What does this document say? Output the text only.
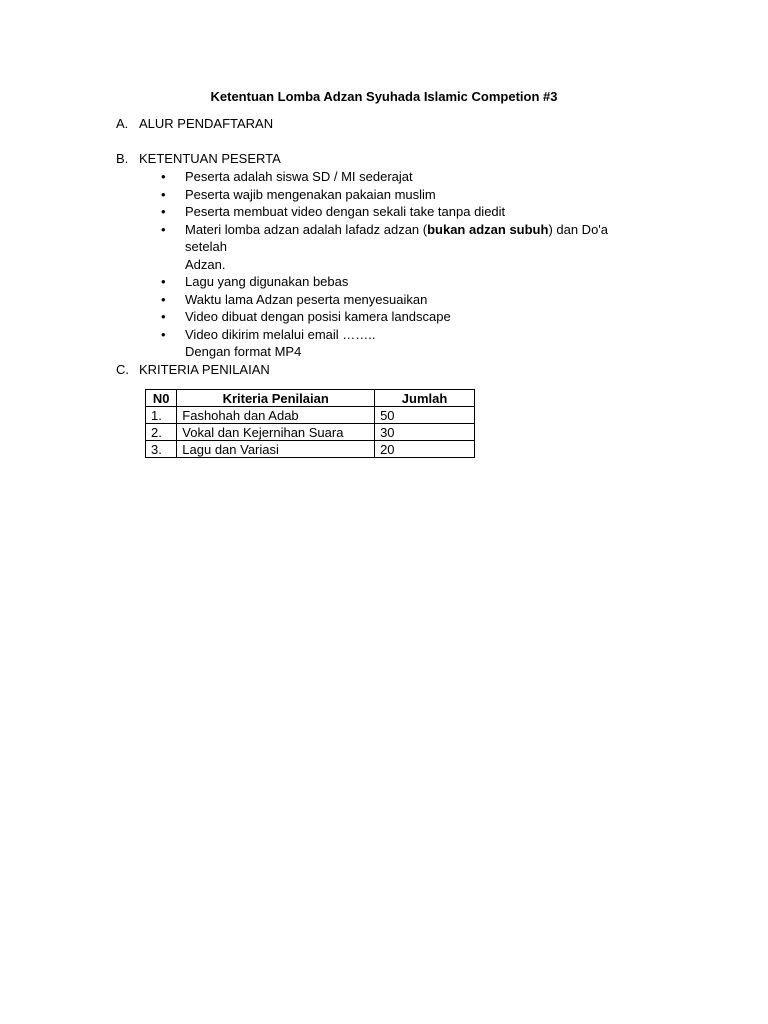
Ketentuan Lomba Adzan Syuhada Islamic Competion #3
A. ALUR PENDAFTARAN
B. KETENTUAN PESERTA
• Peserta adalah siswa SD / MI sederajat
• Peserta wajib mengenakan pakaian muslim
• Peserta membuat video dengan sekali take tanpa diedit
• Materi lomba adzan adalah lafadz adzan (bukan adzan subuh) dan Do'a setelah
Adzan.
• Lagu yang digunakan bebas
• Waktu lama Adzan peserta menyesuaikan
• Video dibuat dengan posisi kamera landscape
• Video dikirim melalui email ……..
Dengan format MP4
C. KRITERIA PENILAIAN
N0	Kriteria Penilaian	Jumlah
1.	Fashohah dan Adab	50
2.	Vokal dan Kejernihan Suara	30
3.	Lagu dan Variasi	20
